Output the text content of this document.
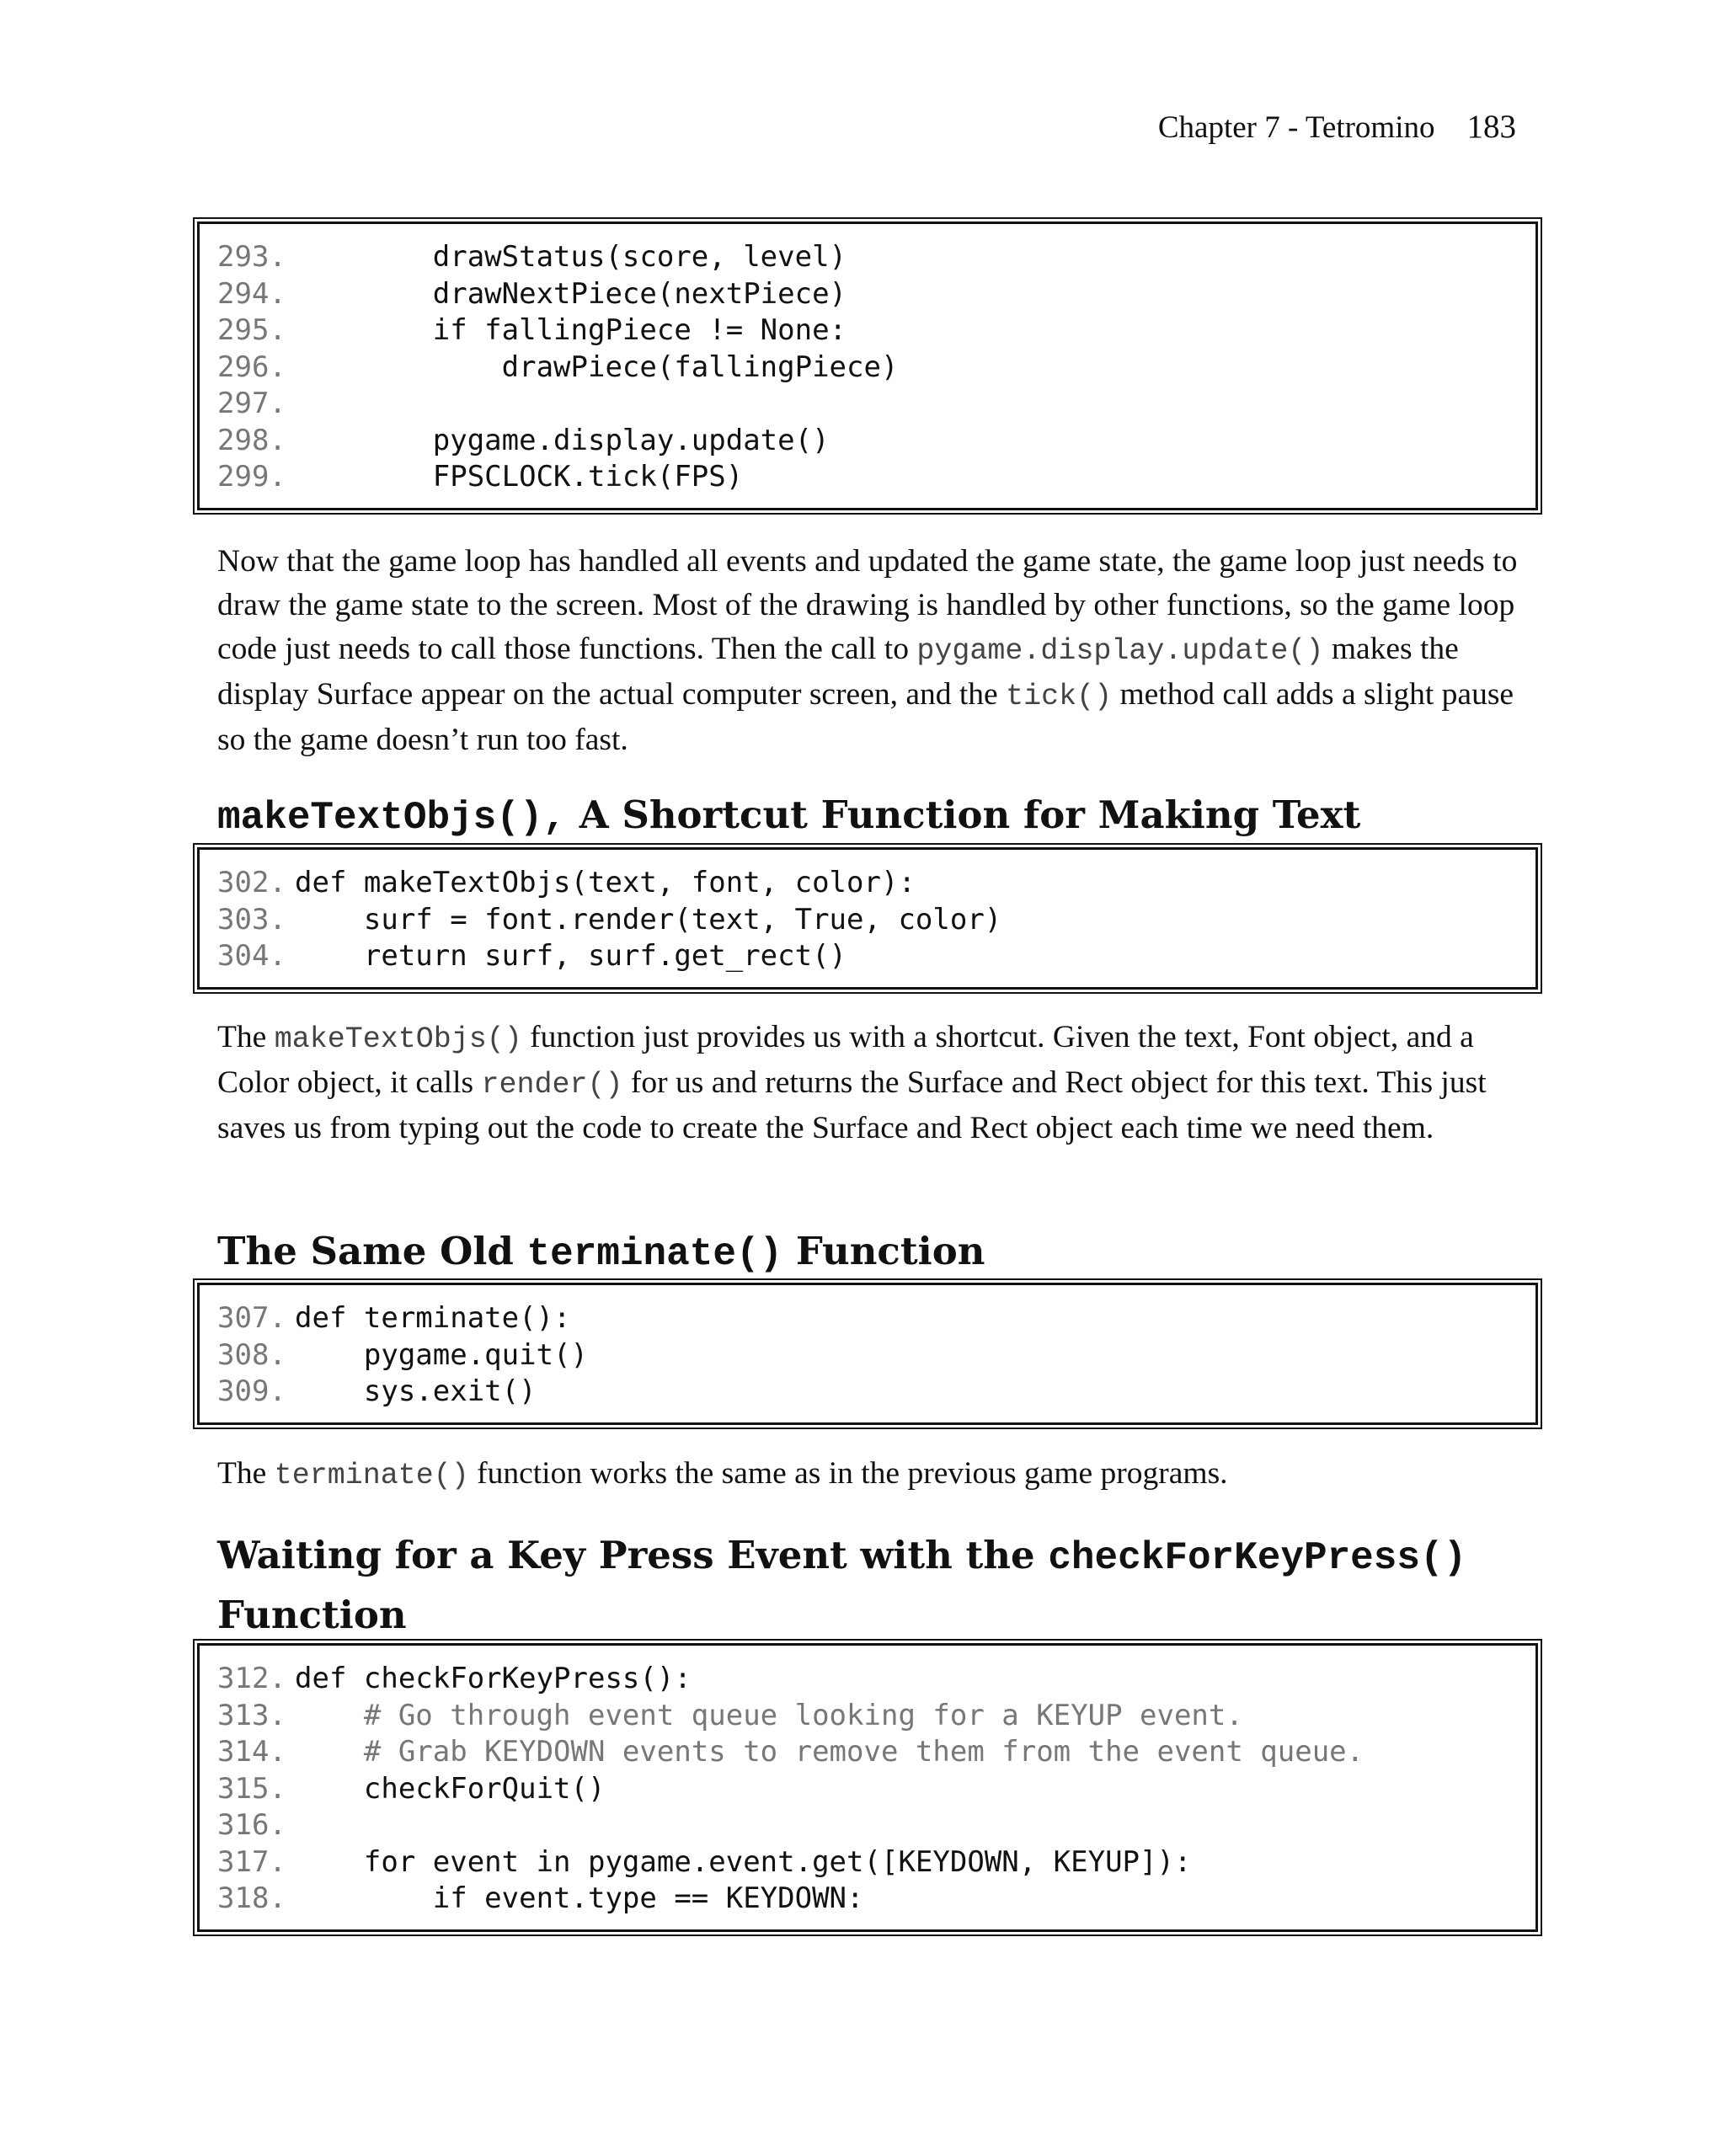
Chapter 7 - Tetromino 183
293.        drawStatus(score, level)
294.        drawNextPiece(nextPiece)
295.        if fallingPiece != None:
296.            drawPiece(fallingPiece)
297.
298.        pygame.display.update()
299.        FPSCLOCK.tick(FPS)
Now that the game loop has handled all events and updated the game state, the game loop just needs to draw the game state to the screen. Most of the drawing is handled by other functions, so the game loop code just needs to call those functions. Then the call to pygame.display.update() makes the display Surface appear on the actual computer screen, and the tick() method call adds a slight pause so the game doesn’t run too fast.
makeTextObjs(), A Shortcut Function for Making Text
302. def makeTextObjs(text, font, color):
303.    surf = font.render(text, True, color)
304.    return surf, surf.get_rect()
The makeTextObjs() function just provides us with a shortcut. Given the text, Font object, and a Color object, it calls render() for us and returns the Surface and Rect object for this text. This just saves us from typing out the code to create the Surface and Rect object each time we need them.
The Same Old terminate() Function
307. def terminate():
308.    pygame.quit()
309.    sys.exit()
The terminate() function works the same as in the previous game programs.
Waiting for a Key Press Event with the checkForKeyPress() Function
312. def checkForKeyPress():
313.    # Go through event queue looking for a KEYUP event.
314.    # Grab KEYDOWN events to remove them from the event queue.
315.    checkForQuit()
316.
317.    for event in pygame.event.get([KEYDOWN, KEYUP]):
318.        if event.type == KEYDOWN:
